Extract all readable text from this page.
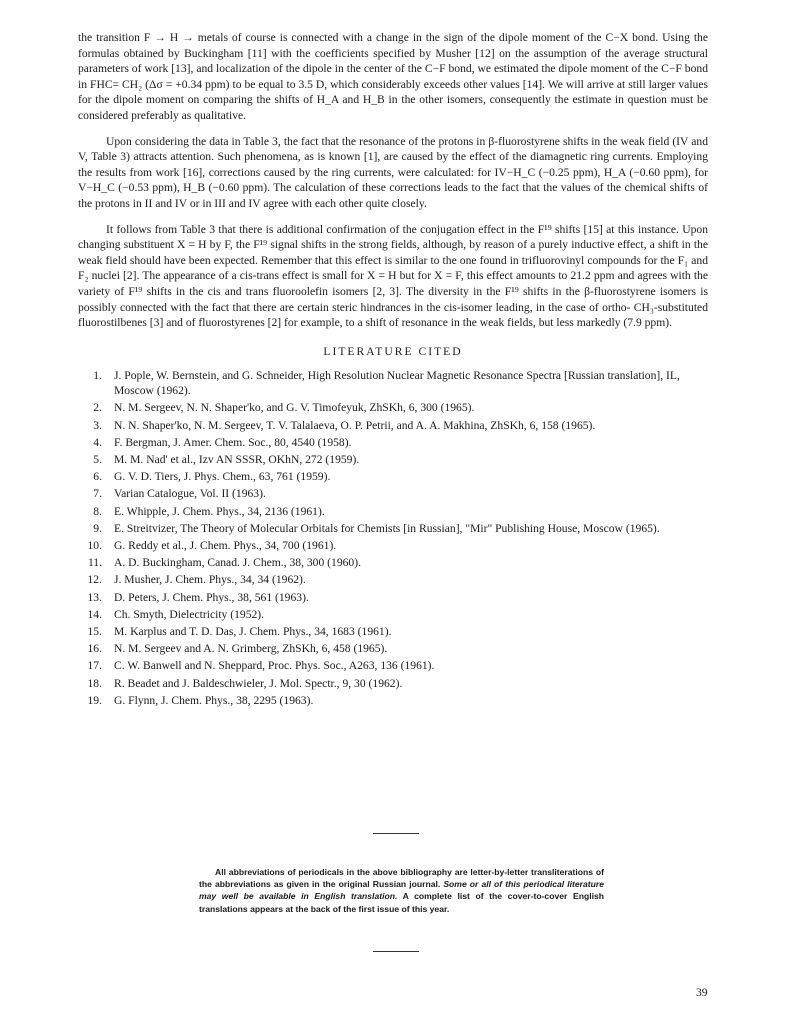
the transition F → H → metals of course is connected with a change in the sign of the dipole moment of the C−X bond. Using the formulas obtained by Buckingham [11] with the coefficients specified by Musher [12] on the assumption of the average structural parameters of work [13], and localization of the dipole in the center of the C−F bond, we estimated the dipole moment of the C−F bond in FHC= CH₂ (Δσ = +0.34 ppm) to be equal to 3.5 D, which considerably exceeds other values [14]. We will arrive at still larger values for the dipole moment on comparing the shifts of H_A and H_B in the other isomers, consequently the estimate in question must be considered preferably as qualitative.

Upon considering the data in Table 3, the fact that the resonance of the protons in β-fluorostyrene shifts in the weak field (IV and V, Table 3) attracts attention. Such phenomena, as is known [1], are caused by the effect of the diamagnetic ring currents. Employing the results from work [16], corrections caused by the ring currents, were calculated: for IV−H_C (−0.25 ppm), H_A (−0.60 ppm), for V−H_C (−0.53 ppm), H_B (−0.60 ppm). The calculation of these corrections leads to the fact that the values of the chemical shifts of the protons in II and IV or in III and IV agree with each other quite closely.

It follows from Table 3 that there is additional confirmation of the conjugation effect in the F¹⁹ shifts [15] at this instance. Upon changing substituent X = H by F, the F¹⁹ signal shifts in the strong fields, although, by reason of a purely inductive effect, a shift in the weak field should have been expected. Remember that this effect is similar to the one found in trifluorovinyl compounds for the F₁ and F₂ nuclei [2]. The appearance of a cis-trans effect is small for X = H but for X = F, this effect amounts to 21.2 ppm and agrees with the variety of F¹⁹ shifts in the cis and trans fluoroolefin isomers [2, 3]. The diversity in the F¹⁹ shifts in the β-fluorostyrene isomers is possibly connected with the fact that there are certain steric hindrances in the cis-isomer leading, in the case of ortho- CH₃-substituted fluorostilbenes [3] and of fluorostyrenes [2] for example, to a shift of resonance in the weak fields, but less markedly (7.9 ppm).

LITERATURE CITED
1.	J. Pople, W. Bernstein, and G. Schneider, High Resolution Nuclear Magnetic Resonance Spectra [Russian translation], IL, Moscow (1962).
2.	N. M. Sergeev, N. N. Shaper'ko, and G. V. Timofeyuk, ZhSKh, 6, 300 (1965).
3.	N. N. Shaper'ko, N. M. Sergeev, T. V. Talalaeva, O. P. Petrii, and A. A. Makhina, ZhSKh, 6, 158 (1965).
4.	F. Bergman, J. Amer. Chem. Soc., 80, 4540 (1958).
5.	M. M. Nad' et al., Izv AN SSSR, OKhN, 272 (1959).
6.	G. V. D. Tiers, J. Phys. Chem., 63, 761 (1959).
7.	Varian Catalogue, Vol. II (1963).
8.	E. Whipple, J. Chem. Phys., 34, 2136 (1961).
9.	E. Streitvizer, The Theory of Molecular Orbitals for Chemists [in Russian], "Mir" Publishing House, Moscow (1965).
10.	G. Reddy et al., J. Chem. Phys., 34, 700 (1961).
11.	A. D. Buckingham, Canad. J. Chem., 38, 300 (1960).
12.	J. Musher, J. Chem. Phys., 34, 34 (1962).
13.	D. Peters, J. Chem. Phys., 38, 561 (1963).
14.	Ch. Smyth, Dielectricity (1952).
15.	M. Karplus and T. D. Das, J. Chem. Phys., 34, 1683 (1961).
16.	N. M. Sergeev and A. N. Grimberg, ZhSKh, 6, 458 (1965).
17.	C. W. Banwell and N. Sheppard, Proc. Phys. Soc., A263, 136 (1961).
18.	R. Beadet and J. Baldeschwieler, J. Mol. Spectr., 9, 30 (1962).
19.	G. Flynn, J. Chem. Phys., 38, 2295 (1963).
All abbreviations of periodicals in the above bibliography are letter-by-letter transliterations of the abbreviations as given in the original Russian journal. Some or all of this periodical literature may well be available in English translation. A complete list of the cover-to-cover English translations appears at the back of the first issue of this year.
39
